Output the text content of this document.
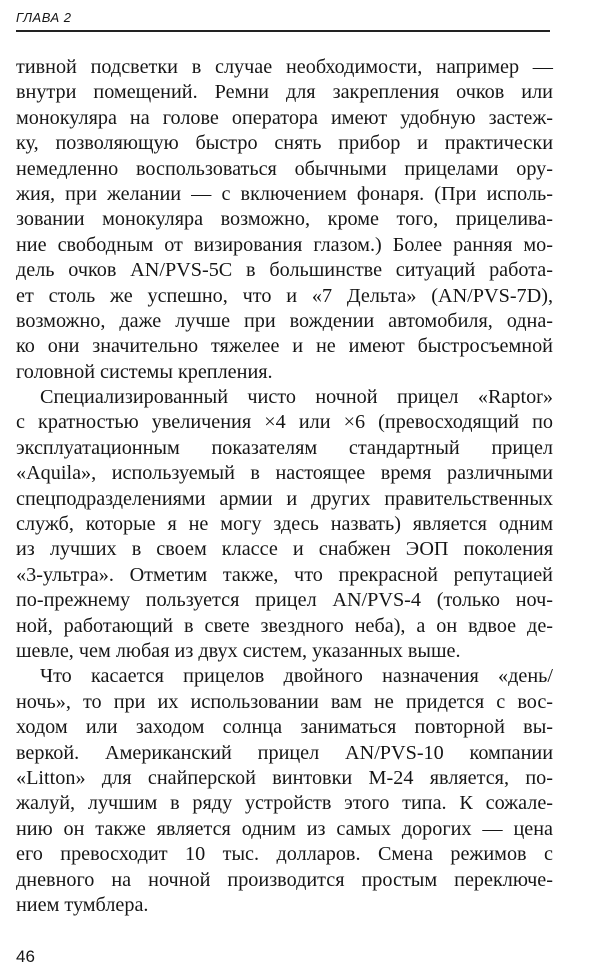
ГЛАВА 2
тивной подсветки в случае необходимости, например —
внутри помещений. Ремни для закрепления очков или
монокуляра на голове оператора имеют удобную застеж-
ку, позволяющую быстро снять прибор и практически
немедленно воспользоваться обычными прицелами ору-
жия, при желании — с включением фонаря. (При исполь-
зовании монокуляра возможно, кроме того, прицелива-
ние свободным от визирования глазом.) Более ранняя мо-
дель очков AN/PVS-5C в большинстве ситуаций работа-
ет столь же успешно, что и «7 Дельта» (AN/PVS-7D),
возможно, даже лучше при вождении автомобиля, одна-
ко они значительно тяжелее и не имеют быстросъемной
головной системы крепления.
Специализированный чисто ночной прицел «Raptor»
с кратностью увеличения ×4 или ×6 (превосходящий по
эксплуатационным показателям стандартный прицел
«Aquila», используемый в настоящее время различными
спецподразделениями армии и других правительственных
служб, которые я не могу здесь назвать) является одним
из лучших в своем классе и снабжен ЭОП поколения
«3-ультра». Отметим также, что прекрасной репутацией
по-прежнему пользуется прицел AN/PVS-4 (только ноч-
ной, работающий в свете звездного неба), а он вдвое де-
шевле, чем любая из двух систем, указанных выше.
Что касается прицелов двойного назначения «день/
ночь», то при их использовании вам не придется с вос-
ходом или заходом солнца заниматься повторной вы-
веркой. Американский прицел AN/PVS-10 компании
«Litton» для снайперской винтовки М-24 является, по-
жалуй, лучшим в ряду устройств этого типа. К сожале-
нию он также является одним из самых дорогих — цена
его превосходит 10 тыс. долларов. Смена режимов с
дневного на ночной производится простым переключе-
нием тумблера.
46
